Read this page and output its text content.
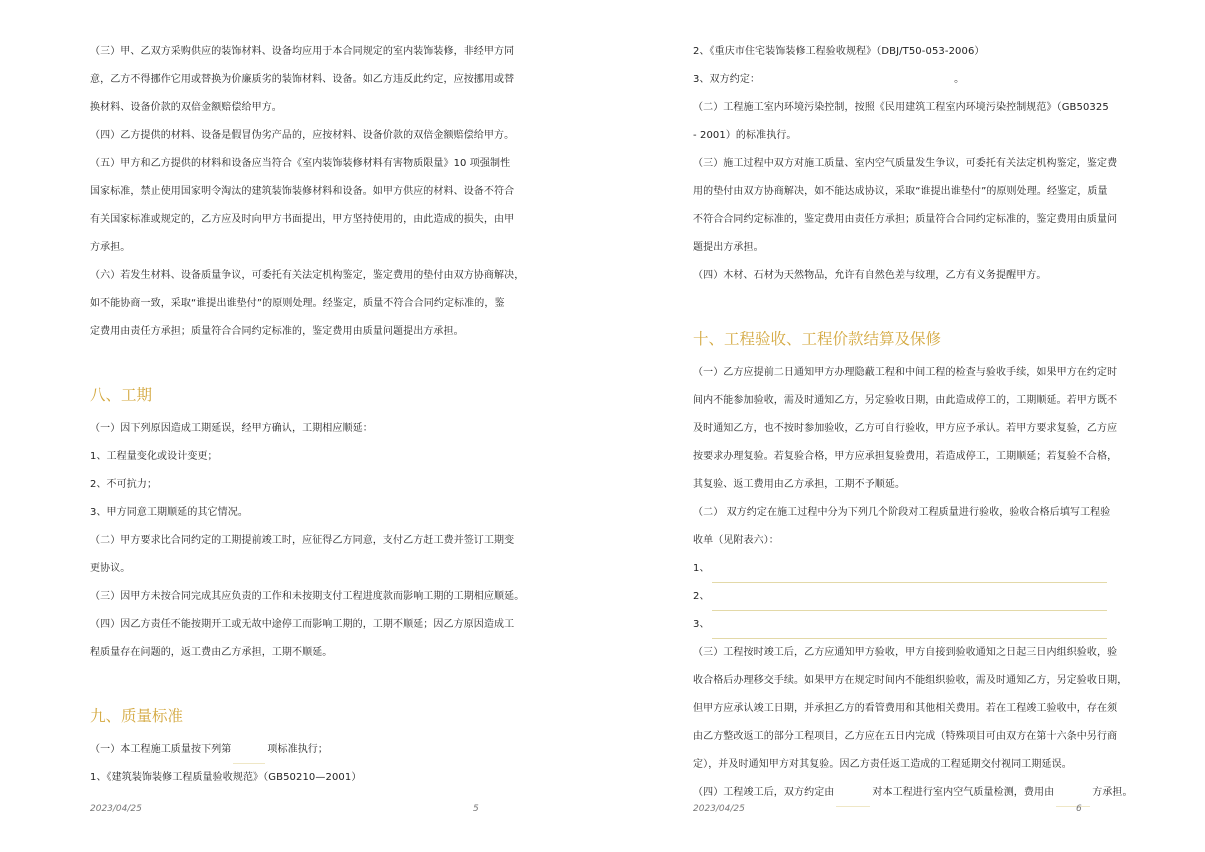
（三）甲、乙双方采购供应的装饰材料、设备均应用于本合同规定的室内装饰装修，非经甲方同
意，乙方不得挪作它用或替换为价廉质劣的装饰材料、设备。如乙方违反此约定，应按挪用或替
换材料、设备价款的双倍金额赔偿给甲方。
（四）乙方提供的材料、设备是假冒伪劣产品的，应按材料、设备价款的双倍金额赔偿给甲方。
（五）甲方和乙方提供的材料和设备应当符合《室内装饰装修材料有害物质限量》10 项强制性
国家标准，禁止使用国家明令淘汰的建筑装饰装修材料和设备。如甲方供应的材料、设备不符合
有关国家标准或规定的，乙方应及时向甲方书面提出，甲方坚持使用的，由此造成的损失，由甲
方承担。
（六）若发生材料、设备质量争议，可委托有关法定机构鉴定，鉴定费用的垫付由双方协商解决，
如不能协商一致，采取“谁提出谁垫付”的原则处理。经鉴定，质量不符合合同约定标准的，鉴
定费用由责任方承担；质量符合合同约定标准的，鉴定费用由质量问题提出方承担。
八、工期
（一）因下列原因造成工期延误，经甲方确认，工期相应顺延：
1、工程量变化或设计变更；
2、不可抗力；
3、甲方同意工期顺延的其它情况。
（二）甲方要求比合同约定的工期提前竣工时，应征得乙方同意，支付乙方赶工费并签订工期变
更协议。
（三）因甲方未按合同完成其应负责的工作和未按期支付工程进度款而影响工期的工期相应顺延。
（四）因乙方责任不能按期开工或无故中途停工而影响工期的，工期不顺延；因乙方原因造成工
程质量存在问题的，返工费由乙方承担，工期不顺延。
九、质量标准
（一）本工程施工质量按下列第	项标准执行；
1、《建筑装饰装修工程质量验收规范》（GB50210—2001）
2、《重庆市住宅装饰装修工程验收规程》（DBJ/T50-053-2006）
3、双方约定：	。
（二）工程施工室内环境污染控制，按照《民用建筑工程室内环境污染控制规范》（GB50325
- 2001）的标准执行。
（三）施工过程中双方对施工质量、室内空气质量发生争议，可委托有关法定机构鉴定，鉴定费
用的垫付由双方协商解决，如不能达成协议，采取“谁提出谁垫付”的原则处理。经鉴定，质量
不符合合同约定标准的，鉴定费用由责任方承担；质量符合合同约定标准的，鉴定费用由质量问
题提出方承担。
（四）木材、石材为天然物品，允许有自然色差与纹理，乙方有义务提醒甲方。
十、工程验收、工程价款结算及保修
（一）乙方应提前二日通知甲方办理隐蔽工程和中间工程的检查与验收手续，如果甲方在约定时
间内不能参加验收，需及时通知乙方，另定验收日期，由此造成停工的，工期顺延。若甲方既不
及时通知乙方，也不按时参加验收，乙方可自行验收，甲方应予承认。若甲方要求复验，乙方应
按要求办理复验。若复验合格，甲方应承担复验费用，若造成停工，工期顺延；若复验不合格，
其复验、返工费用由乙方承担，工期不予顺延。
（二） 双方约定在施工过程中分为下列几个阶段对工程质量进行验收，验收合格后填写工程验
收单（见附表六）：
1、
2、
3、
（三）工程按时竣工后，乙方应通知甲方验收，甲方自接到验收通知之日起三日内组织验收，验
收合格后办理移交手续。如果甲方在规定时间内不能组织验收，需及时通知乙方，另定验收日期，
但甲方应承认竣工日期，并承担乙方的看管费用和其他相关费用。若在工程竣工验收中，存在须
由乙方整改返工的部分工程项目，乙方应在五日内完成（特殊项目可由双方在第十六条中另行商
定），并及时通知甲方对其复验。因乙方责任返工造成的工程延期交付视同工期延误。
（四）工程竣工后，双方约定由	对本工程进行室内空气质量检测，费用由	方承担。
2023/04/25	5	2023/04/25	6
